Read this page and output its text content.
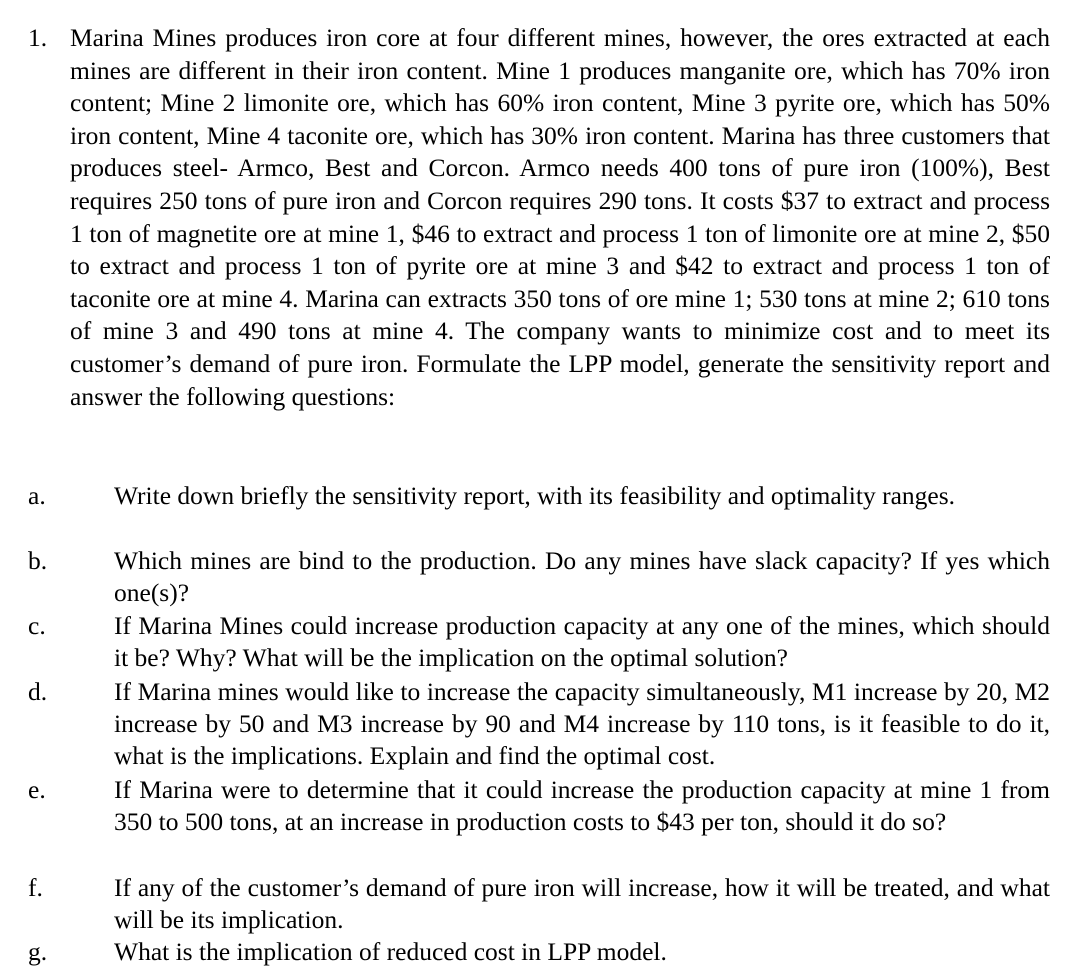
1. Marina Mines produces iron core at four different mines, however, the ores extracted at each mines are different in their iron content. Mine 1 produces manganite ore, which has 70% iron content; Mine 2 limonite ore, which has 60% iron content, Mine 3 pyrite ore, which has 50% iron content, Mine 4 taconite ore, which has 30% iron content. Marina has three customers that produces steel- Armco, Best and Corcon. Armco needs 400 tons of pure iron (100%), Best requires 250 tons of pure iron and Corcon requires 290 tons. It costs $37 to extract and process 1 ton of magnetite ore at mine 1, $46 to extract and process 1 ton of limonite ore at mine 2, $50 to extract and process 1 ton of pyrite ore at mine 3 and $42 to extract and process 1 ton of taconite ore at mine 4. Marina can extracts 350 tons of ore mine 1; 530 tons at mine 2; 610 tons of mine 3 and 490 tons at mine 4. The company wants to minimize cost and to meet its customer’s demand of pure iron. Formulate the LPP model, generate the sensitivity report and answer the following questions:
a.	Write down briefly the sensitivity report, with its feasibility and optimality ranges.
b.	Which mines are bind to the production. Do any mines have slack capacity? If yes which one(s)?
c.	If Marina Mines could increase production capacity at any one of the mines, which should it be? Why? What will be the implication on the optimal solution?
d.	If Marina mines would like to increase the capacity simultaneously, M1 increase by 20, M2 increase by 50 and M3 increase by 90 and M4 increase by 110 tons, is it feasible to do it, what is the implications. Explain and find the optimal cost.
e.	If Marina were to determine that it could increase the production capacity at mine 1 from 350 to 500 tons, at an increase in production costs to $43 per ton, should it do so?
f.	If any of the customer’s demand of pure iron will increase, how it will be treated, and what will be its implication.
g.	What is the implication of reduced cost in LPP model.
